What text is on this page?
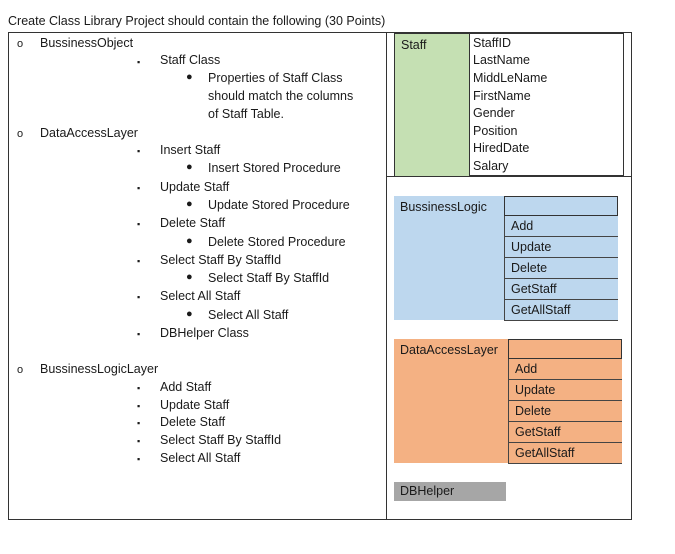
Create Class Library Project should contain the following (30 Points)
o BussinessObject
▪ Staff Class
● Properties of Staff Class
should match the columns
of Staff Table.
o DataAccessLayer
▪ Insert Staff
● Insert Stored Procedure
▪ Update Staff
● Update Stored Procedure
▪ Delete Staff
● Delete Stored Procedure
▪ Select Staff By StaffId
● Select Staff By StaffId
▪ Select All Staff
● Select All Staff
▪ DBHelper Class
o BussinessLogicLayer
▪ Add Staff
▪ Update Staff
▪ Delete Staff
▪ Select Staff By StaffId
▪ Select All Staff
Staff	StaffID
LastName
MiddLeName
FirstName
Gender
Position
HiredDate
Salary
BussinessLogic
Add
Update
Delete
GetStaff
GetAllStaff
DataAccessLayer
Add
Update
Delete
GetStaff
GetAllStaff
DBHelper
